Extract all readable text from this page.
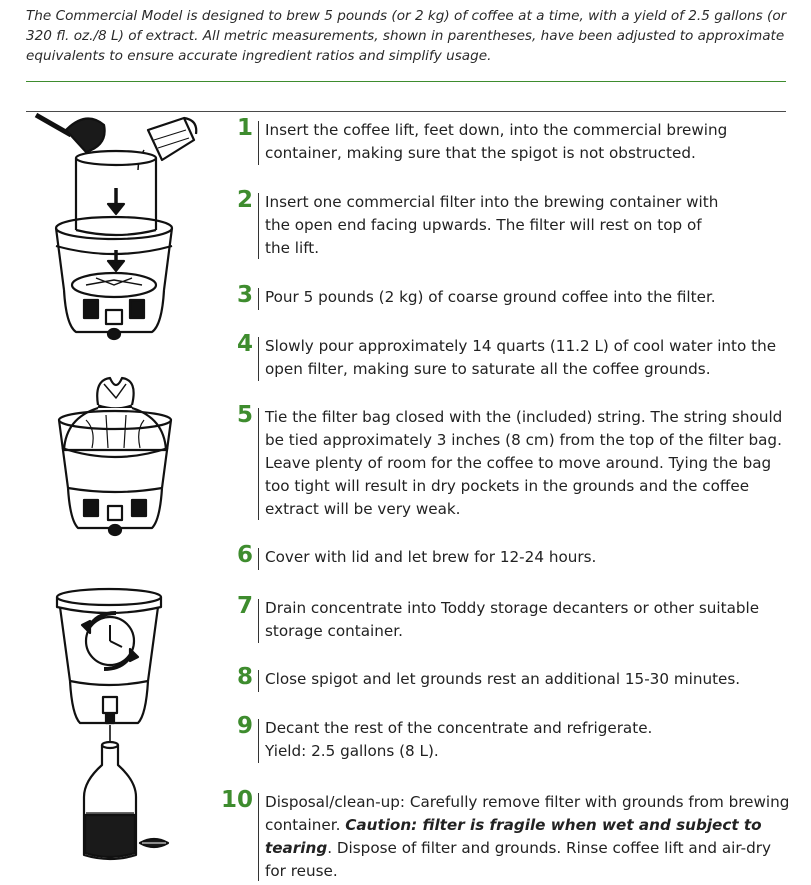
The Commercial Model is designed to brew 5 pounds (or 2 kg) of coffee at a time, with a yield of 2.5 gallons (or 320 fl. oz./8 L) of extract. All metric measurements, shown in parentheses, have been adjusted to approximate equivalents to ensure accurate ingredient ratios and simplify usage.
1 Insert the coffee lift, feet down, into the commercial brewing container, making sure that the spigot is not obstructed.
2 Insert one commercial filter into the brewing container with the open end facing upwards. The filter will rest on top of the lift.
3 Pour 5 pounds (2 kg) of coarse ground coffee into the filter.
4 Slowly pour approximately 14 quarts (11.2 L) of cool water into the open filter, making sure to saturate all the coffee grounds.
5 Tie the filter bag closed with the (included) string. The string should be tied approximately 3 inches (8 cm) from the top of the filter bag. Leave plenty of room for the coffee to move around. Tying the bag too tight will result in dry pockets in the grounds and the coffee extract will be very weak.
6 Cover with lid and let brew for 12-24 hours.
7 Drain concentrate into Toddy storage decanters or other suitable storage container.
8 Close spigot and let grounds rest an additional 15-30 minutes.
9 Decant the rest of the concentrate and refrigerate. Yield: 2.5 gallons (8 L).
10 Disposal/clean-up: Carefully remove filter with grounds from brewing container. Caution: filter is fragile when wet and subject to tearing. Dispose of filter and grounds. Rinse coffee lift and air-dry for reuse.
